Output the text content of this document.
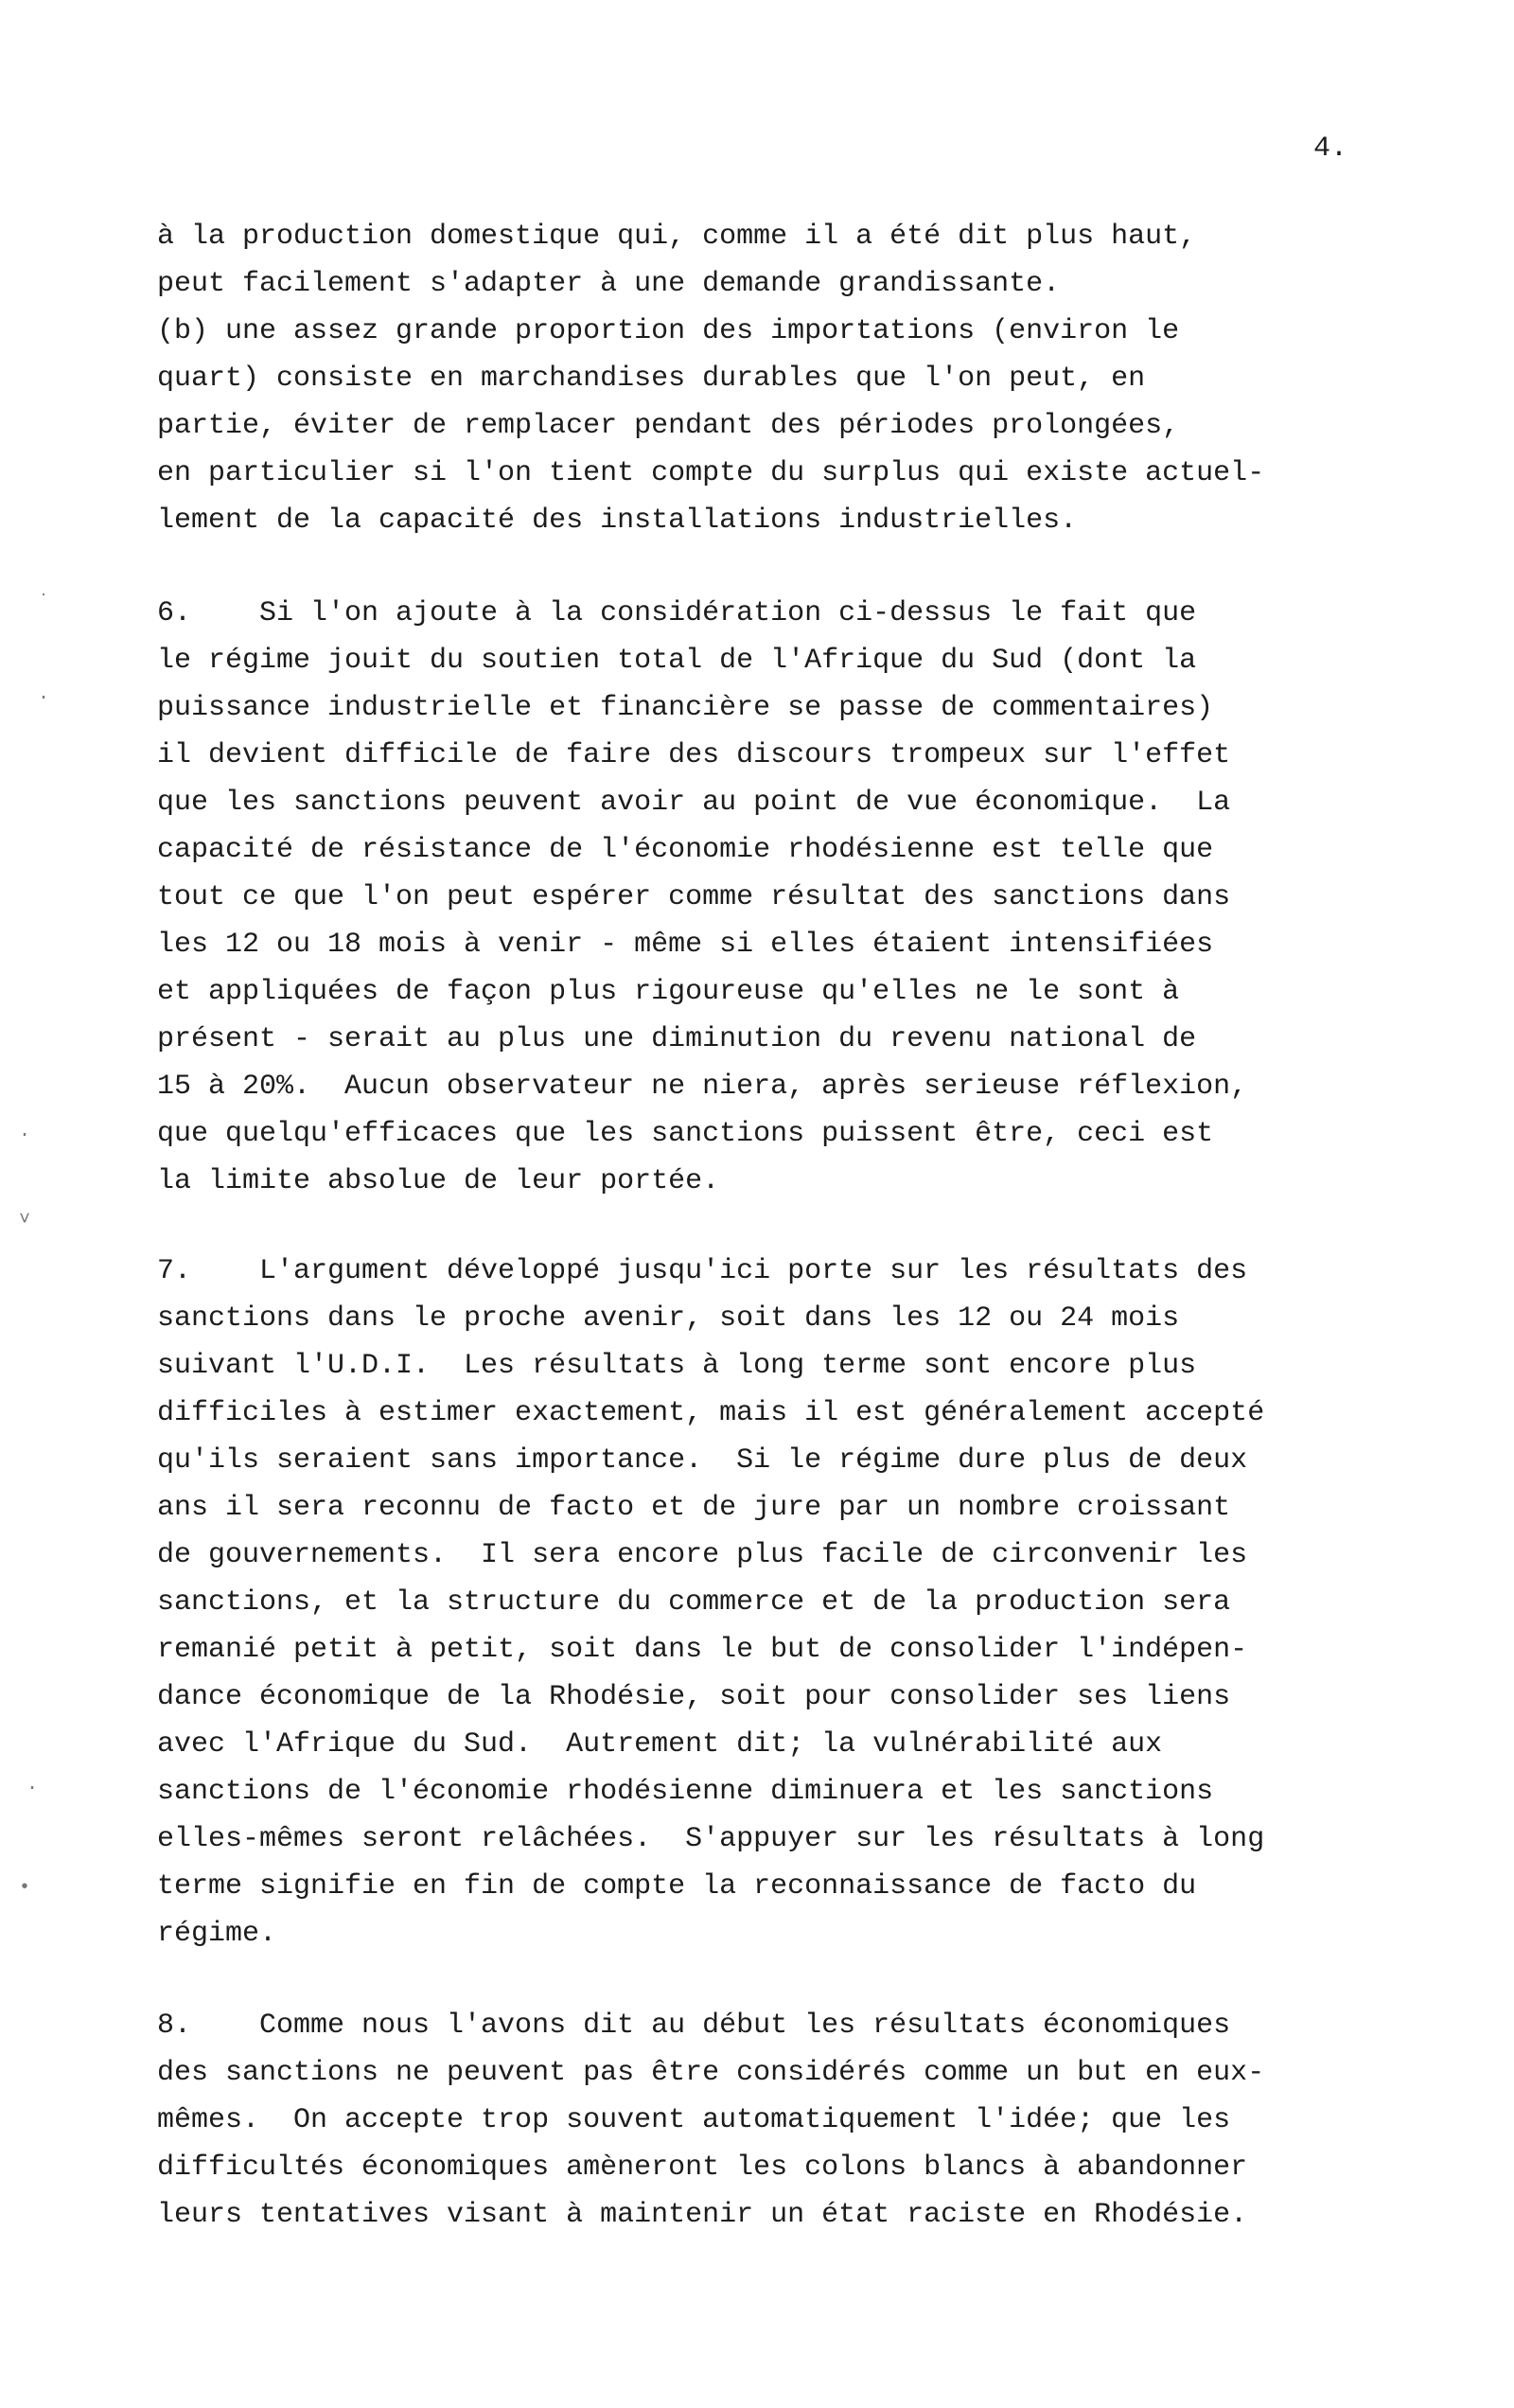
4.
à la production domestique qui, comme il a été dit plus haut,
peut facilement s'adapter à une demande grandissante.
(b) une assez grande proportion des importations (environ le
quart) consiste en marchandises durables que l'on peut, en
partie, éviter de remplacer pendant des périodes prolongées,
en particulier si l'on tient compte du surplus qui existe actuel-
lement de la capacité des installations industrielles.
6.    Si l'on ajoute à la considération ci-dessus le fait que
le régime jouit du soutien total de l'Afrique du Sud (dont la
puissance industrielle et financière se passe de commentaires)
il devient difficile de faire des discours trompeux sur l'effet
que les sanctions peuvent avoir au point de vue économique.  La
capacité de résistance de l'économie rhodésienne est telle que
tout ce que l'on peut espérer comme résultat des sanctions dans
les 12 ou 18 mois à venir - même si elles étaient intensifiées
et appliquées de façon plus rigoureuse qu'elles ne le sont à
présent - serait au plus une diminution du revenu national de
15 à 20%.  Aucun observateur ne niera, après serieuse réflexion,
que quelqu'efficaces que les sanctions puissent être, ceci est
la limite absolue de leur portée.
7.    L'argument développé jusqu'ici porte sur les résultats des
sanctions dans le proche avenir, soit dans les 12 ou 24 mois
suivant l'U.D.I.  Les résultats à long terme sont encore plus
difficiles à estimer exactement, mais il est généralement accepté
qu'ils seraient sans importance.  Si le régime dure plus de deux
ans il sera reconnu de facto et de jure par un nombre croissant
de gouvernements.  Il sera encore plus facile de circonvenir les
sanctions, et la structure du commerce et de la production sera
remanié petit à petit, soit dans le but de consolider l'indépen-
dance économique de la Rhodésie, soit pour consolider ses liens
avec l'Afrique du Sud.  Autrement dit; la vulnérabilité aux
sanctions de l'économie rhodésienne diminuera et les sanctions
elles-mêmes seront relâchées.  S'appuyer sur les résultats à long
terme signifie en fin de compte la reconnaissance de facto du
régime.
8.    Comme nous l'avons dit au début les résultats économiques
des sanctions ne peuvent pas être considérés comme un but en eux-
mêmes.  On accepte trop souvent automatiquement l'idée; que les
difficultés économiques amèneront les colons blancs à abandonner
leurs tentatives visant à maintenir un état raciste en Rhodésie.
˙
·
·
˅
·
•
